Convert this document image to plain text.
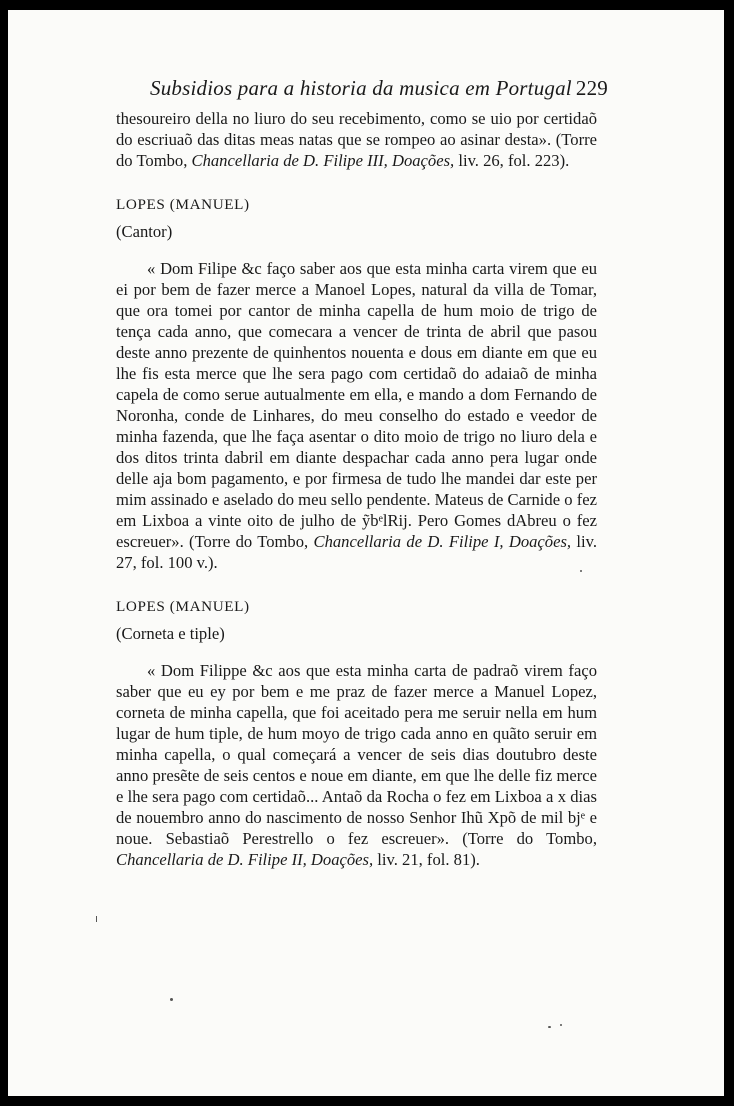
Subsidios para a historia da musica em Portugal 229

thesoureiro della no liuro do seu recebimento, como se uio por certidaõ do escriuaõ das ditas meas natas que se rompeo ao asinar desta». (Torre do Tombo, Chancellaria de D. Filipe III, Doações, liv. 26, fol. 223).

LOPES (MANUEL)

(Cantor)

« Dom Filipe &c faço saber aos que esta minha carta virem que eu ei por bem de fazer merce a Manoel Lopes, natural da villa de Tomar, que ora tomei por cantor de minha capella de hum moio de trigo de tença cada anno, que comecara a vencer de trinta de abril que pasou deste anno prezente de quinhentos nouenta e dous em diante em que eu lhe fis esta merce que lhe sera pago com certidaõ do adaiaõ de minha capela de como serue autualmente em ella, e mando a dom Fernando de Noronha, conde de Linhares, do meu conselho do estado e veedor de minha fazenda, que lhe faça asentar o dito moio de trigo no liuro dela e dos ditos trinta dabril em diante despachar cada anno pera lugar onde delle aja bom pagamento, e por firmesa de tudo lhe mandei dar este per mim assinado e aselado do meu sello pendente. Mateus de Carnide o fez em Lixboa a vinte oito de julho de ỹbᵉlRij. Pero Gomes dAbreu o fez escreuer». (Torre do Tombo, Chancellaria de D. Filipe I, Doações, liv. 27, fol. 100 v.).

LOPES (MANUEL)

(Corneta e tiple)

« Dom Filippe &c aos que esta minha carta de padraõ virem faço saber que eu ey por bem e me praz de fazer merce a Manuel Lopez, corneta de minha capella, que foi aceitado pera me seruir nella em hum lugar de hum tiple, de hum moyo de trigo cada anno en quãto seruir em minha capella, o qual começará a vencer de seis dias doutubro deste anno presẽte de seis centos e noue em diante, em que lhe delle fiz merce e lhe sera pago com certidaõ... Antaõ da Rocha o fez em Lixboa a x dias de nouembro anno do nascimento de nosso Senhor Ihũ Xpõ de mil bjᵉ e noue. Sebastiaõ Perestrello o fez escreuer». (Torre do Tombo, Chancellaria de D. Filipe II, Doações, liv. 21, fol. 81).
